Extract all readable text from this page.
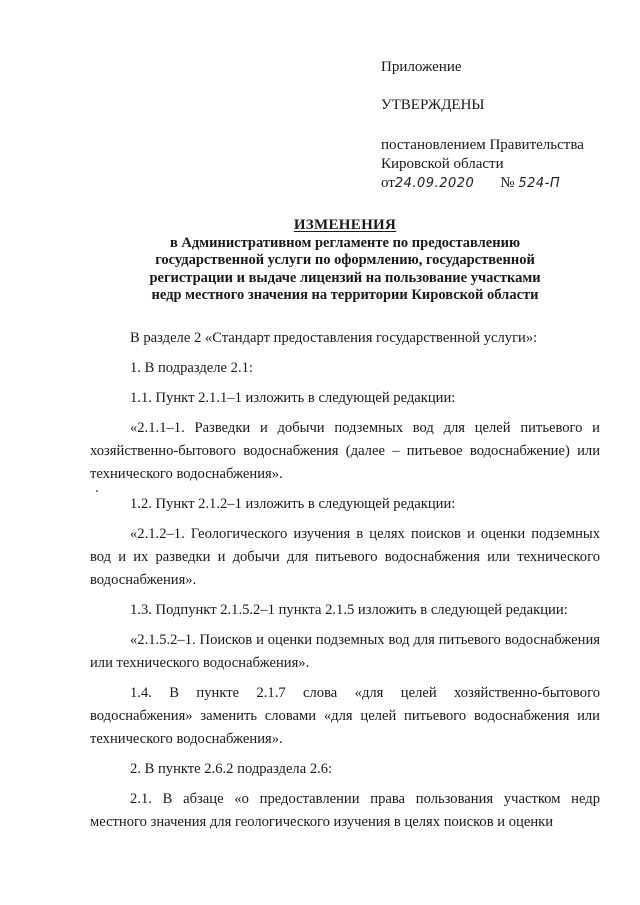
Приложение
УТВЕРЖДЕНЫ
постановлением Правительства
Кировской области
от24.09.2020 № 524-П
ИЗМЕНЕНИЯ
в Административном регламенте по предоставлению
государственной услуги по оформлению, государственной
регистрации и выдаче лицензий на пользование участками
недр местного значения на территории Кировской области

В разделе 2 «Стандарт предоставления государственной услуги»:

1. В подразделе 2.1:

1.1. Пункт 2.1.1–1 изложить в следующей редакции:

«2.1.1–1. Разведки и добычи подземных вод для целей питьевого и хозяйственно-бытового водоснабжения (далее – питьевое водоснабжение) или технического водоснабжения».

1.2. Пункт 2.1.2–1 изложить в следующей редакции:

«2.1.2–1. Геологического изучения в целях поисков и оценки подземных вод и их разведки и добычи для питьевого водоснабжения или технического водоснабжения».

1.3. Подпункт 2.1.5.2–1 пункта 2.1.5 изложить в следующей редакции:

«2.1.5.2–1. Поисков и оценки подземных вод для питьевого водоснабжения или технического водоснабжения».

1.4. В пункте 2.1.7 слова «для целей хозяйственно-бытового водоснабжения» заменить словами «для целей питьевого водоснабжения или технического водоснабжения».

2. В пункте 2.6.2 подраздела 2.6:

2.1. В абзаце «о предоставлении права пользования участком недр местного значения для геологического изучения в целях поисков и оценки
